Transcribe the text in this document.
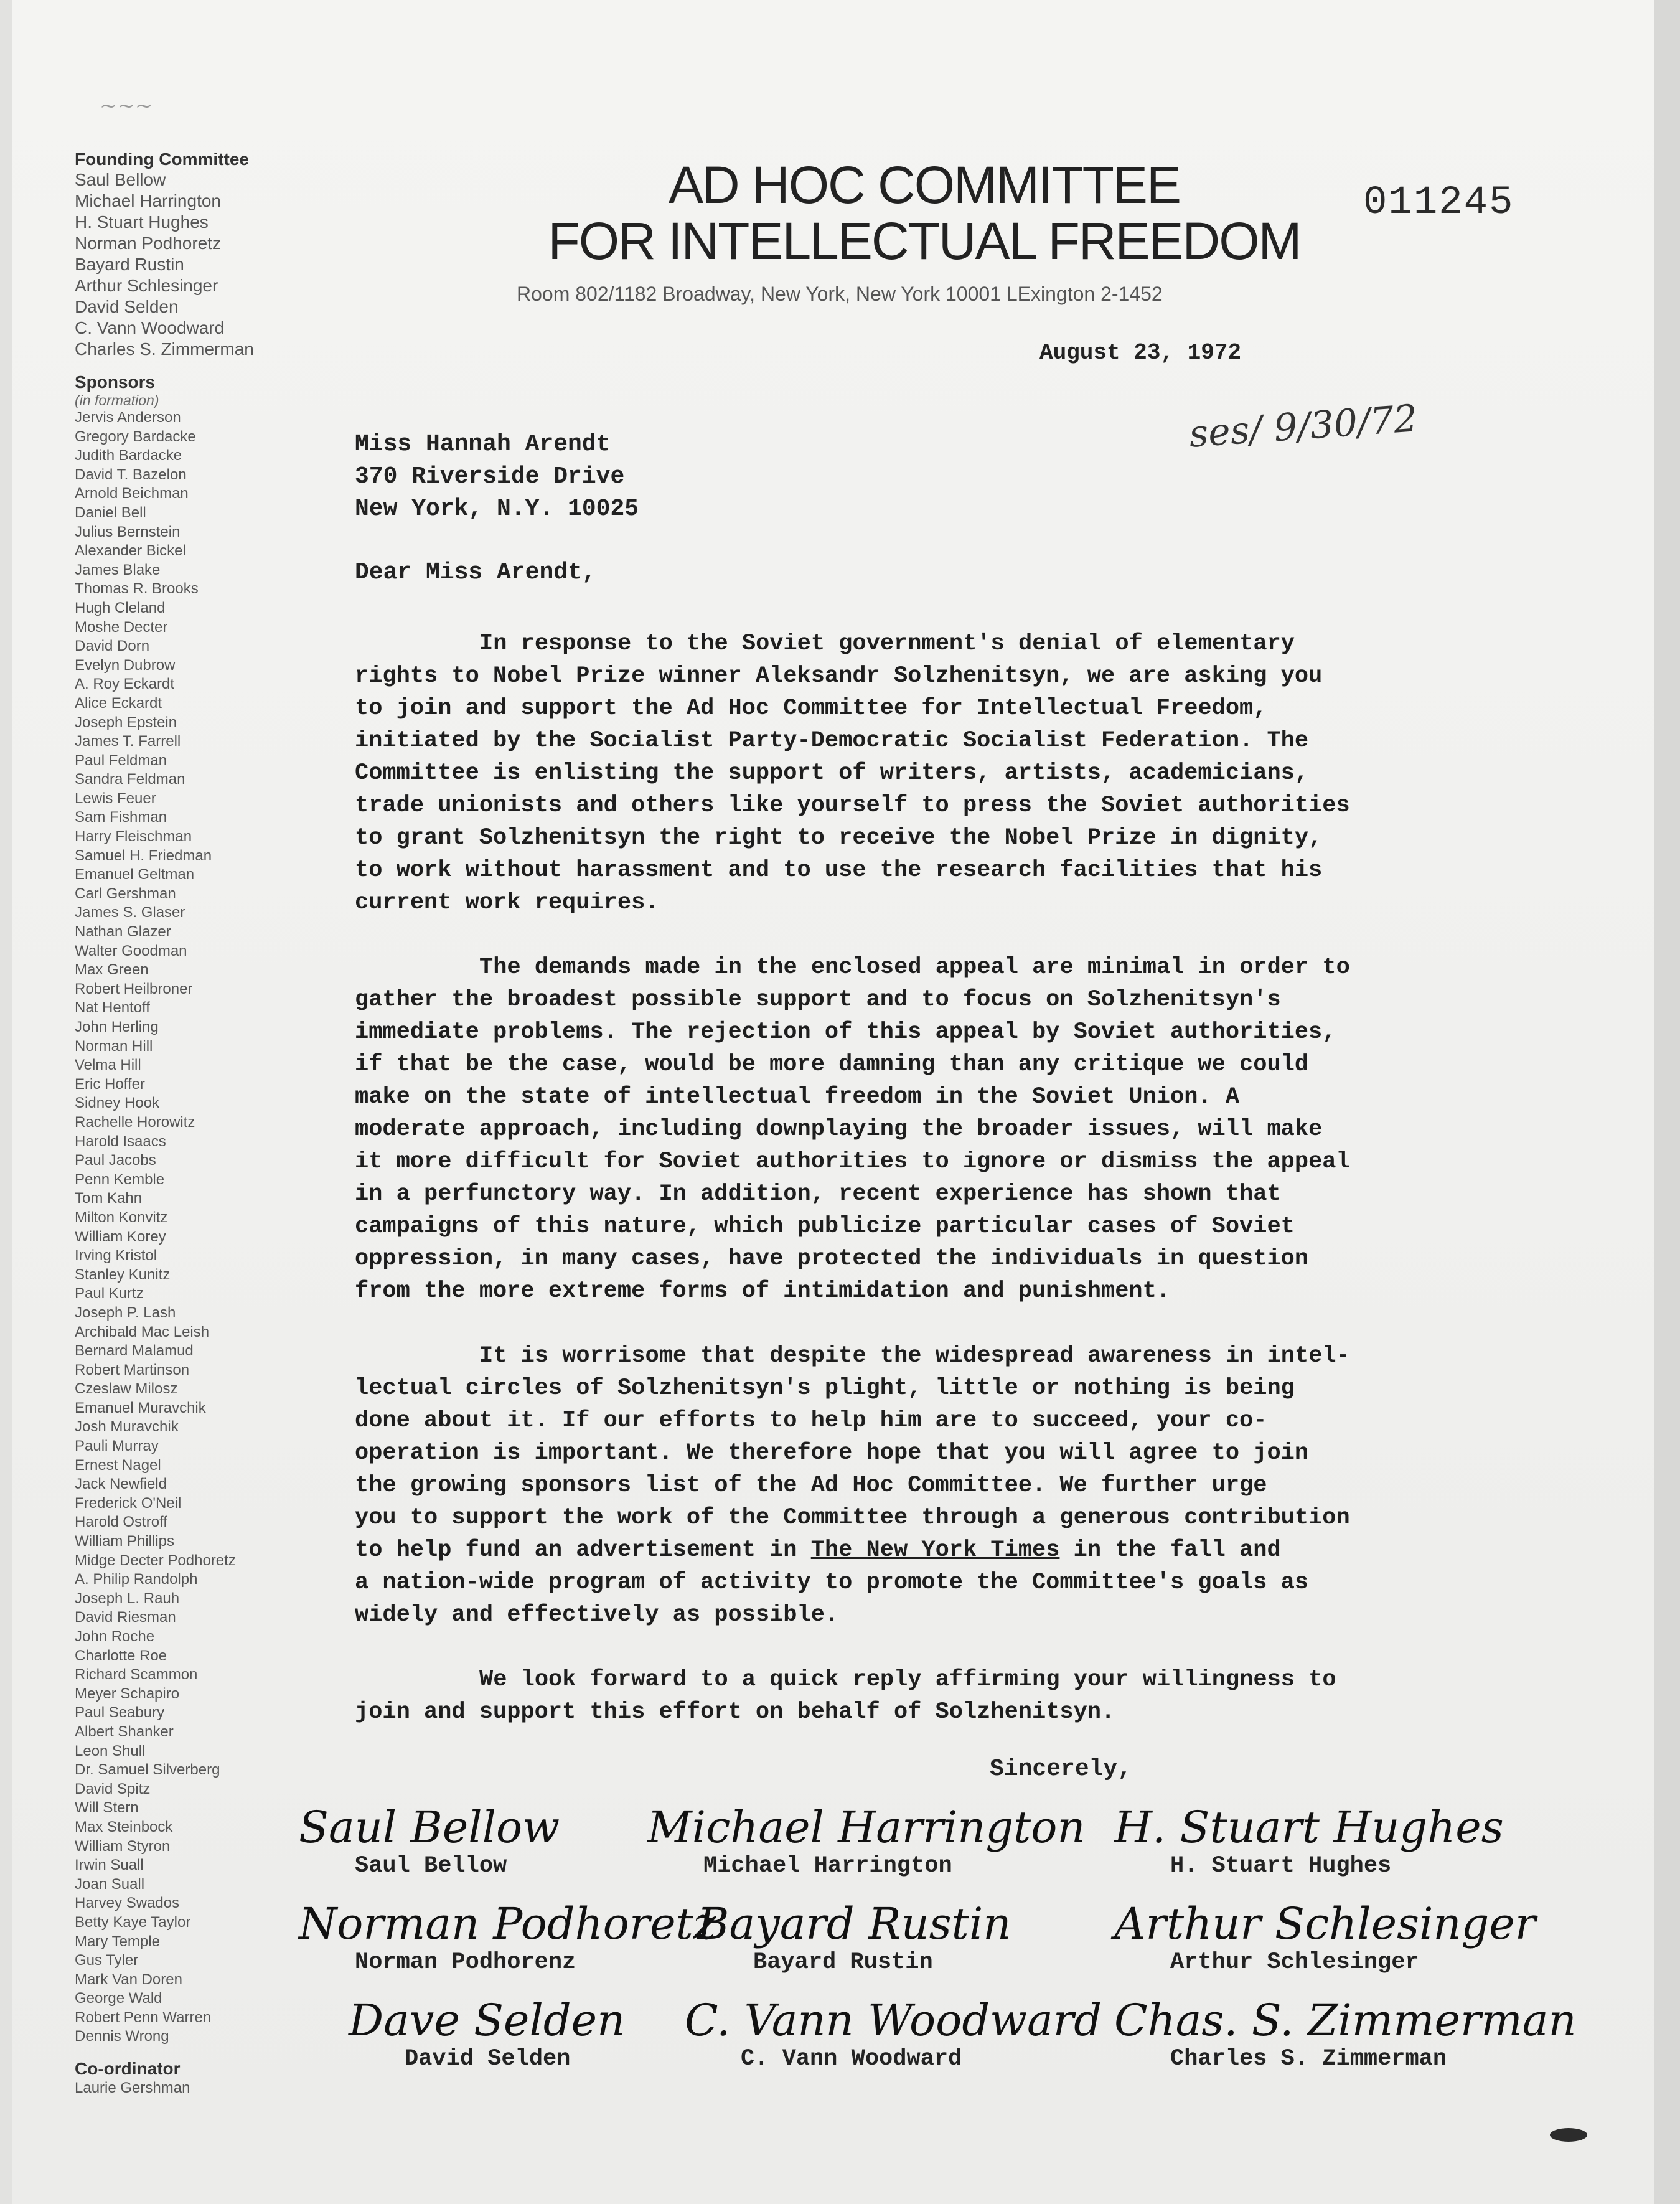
~~~
Founding Committee
Saul Bellow
Michael Harrington
H. Stuart Hughes
Norman Podhoretz
Bayard Rustin
Arthur Schlesinger
David Selden
C. Vann Woodward
Charles S. Zimmerman
Sponsors
(in formation)
Jervis Anderson
Gregory Bardacke
Judith Bardacke
David T. Bazelon
Arnold Beichman
Daniel Bell
Julius Bernstein
Alexander Bickel
James Blake
Thomas R. Brooks
Hugh Cleland
Moshe Decter
David Dorn
Evelyn Dubrow
A. Roy Eckardt
Alice Eckardt
Joseph Epstein
James T. Farrell
Paul Feldman
Sandra Feldman
Lewis Feuer
Sam Fishman
Harry Fleischman
Samuel H. Friedman
Emanuel Geltman
Carl Gershman
James S. Glaser
Nathan Glazer
Walter Goodman
Max Green
Robert Heilbroner
Nat Hentoff
John Herling
Norman Hill
Velma Hill
Eric Hoffer
Sidney Hook
Rachelle Horowitz
Harold Isaacs
Paul Jacobs
Penn Kemble
Tom Kahn
Milton Konvitz
William Korey
Irving Kristol
Stanley Kunitz
Paul Kurtz
Joseph P. Lash
Archibald Mac Leish
Bernard Malamud
Robert Martinson
Czeslaw Milosz
Emanuel Muravchik
Josh Muravchik
Pauli Murray
Ernest Nagel
Jack Newfield
Frederick O'Neil
Harold Ostroff
William Phillips
Midge Decter Podhoretz
A. Philip Randolph
Joseph L. Rauh
David Riesman
John Roche
Charlotte Roe
Richard Scammon
Meyer Schapiro
Paul Seabury
Albert Shanker
Leon Shull
Dr. Samuel Silverberg
David Spitz
Will Stern
Max Steinbock
William Styron
Irwin Suall
Joan Suall
Harvey Swados
Betty Kaye Taylor
Mary Temple
Gus Tyler
Mark Van Doren
George Wald
Robert Penn Warren
Dennis Wrong
Co-ordinator
Laurie Gershman
AD HOC COMMITTEE
FOR INTELLECTUAL FREEDOM
Room 802/1182 Broadway, New York, New York 10001 LExington 2-1452
011245
August 23, 1972
ses/ 9/30/72
Miss Hannah Arendt
370 Riverside Drive
New York, N.Y. 10025
Dear Miss Arendt,

In response to the Soviet government's denial of elementary
rights to Nobel Prize winner Aleksandr Solzhenitsyn, we are asking you
to join and support the Ad Hoc Committee for Intellectual Freedom,
initiated by the Socialist Party-Democratic Socialist Federation. The
Committee is enlisting the support of writers, artists, academicians,
trade unionists and others like yourself to press the Soviet authorities
to grant Solzhenitsyn the right to receive the Nobel Prize in dignity,
to work without harassment and to use the research facilities that his
current work requires.

The demands made in the enclosed appeal are minimal in order to
gather the broadest possible support and to focus on Solzhenitsyn's
immediate problems. The rejection of this appeal by Soviet authorities,
if that be the case, would be more damning than any critique we could
make on the state of intellectual freedom in the Soviet Union. A
moderate approach, including downplaying the broader issues, will make
it more difficult for Soviet authorities to ignore or dismiss the appeal
in a perfunctory way. In addition, recent experience has shown that
campaigns of this nature, which publicize particular cases of Soviet
oppression, in many cases, have protected the individuals in question
from the more extreme forms of intimidation and punishment.

It is worrisome that despite the widespread awareness in intel-
lectual circles of Solzhenitsyn's plight, little or nothing is being
done about it. If our efforts to help him are to succeed, your co-
operation is important. We therefore hope that you will agree to join
the growing sponsors list of the Ad Hoc Committee. We further urge
you to support the work of the Committee through a generous contribution
to help fund an advertisement in The New York Times in the fall and
a nation-wide program of activity to promote the Committee's goals as
widely and effectively as possible.

We look forward to a quick reply affirming your willingness to
join and support this effort on behalf of Solzhenitsyn.

Sincerely,
Saul Bellow
Saul Bellow
Michael Harrington
Michael Harrington
H. Stuart Hughes
H. Stuart Hughes
Norman Podhoretz
Norman Podhorenz
Bayard Rustin
Bayard Rustin
Arthur Schlesinger
Arthur Schlesinger
Dave Selden
David Selden
C. Vann Woodward
C. Vann Woodward
Chas. S. Zimmerman
Charles S. Zimmerman
